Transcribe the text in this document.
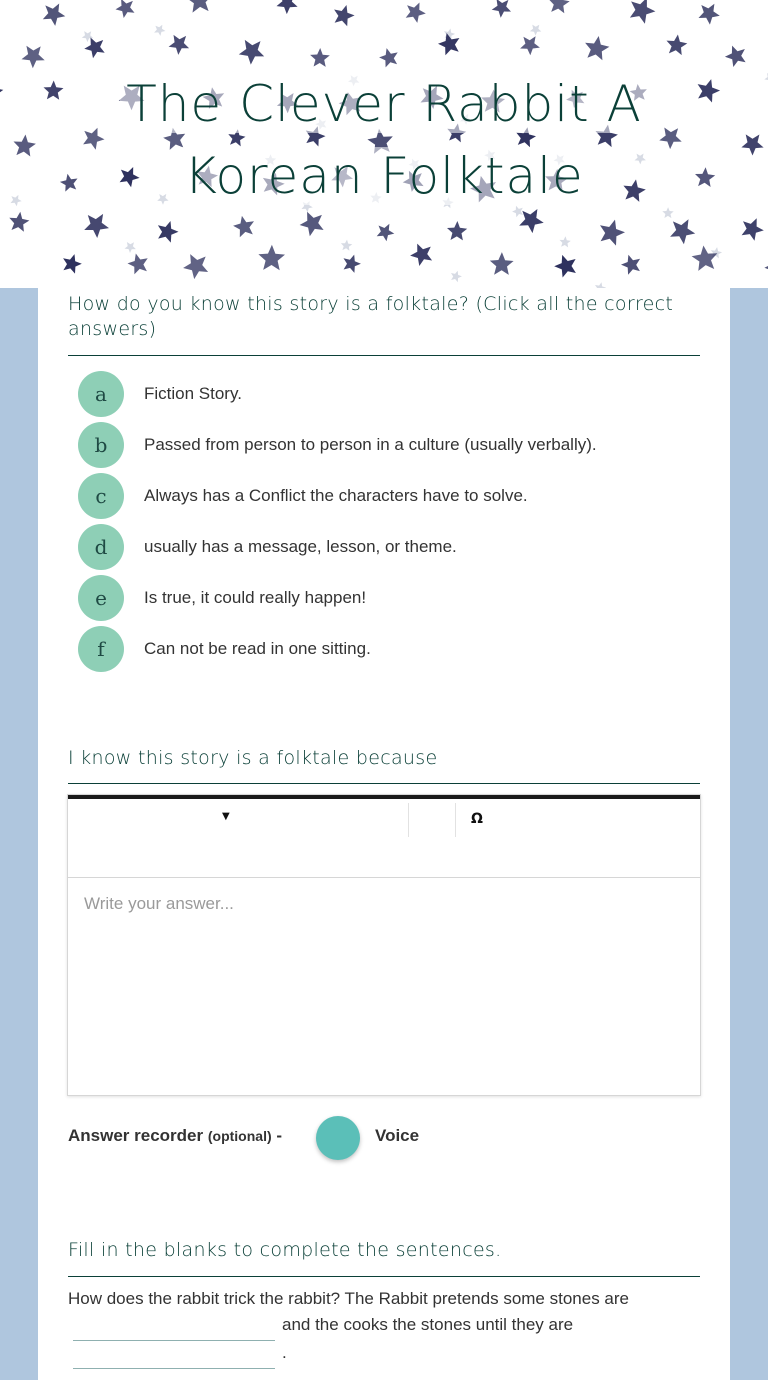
The Clever Rabbit A
Korean Folktale
How do you know this story is a folktale? (Click all the correct answers)
a	Fiction Story.
b	Passed from person to person in a culture (usually verbally).
c	Always has a Conflict the characters have to solve.
d	usually has a message, lesson, or theme.
e	Is true, it could really happen!
f	Can not be read in one sitting.
I know this story is a folktale because
▼	Ω
Write your answer...
Answer recorder (optional) -	Voice
Fill in the blanks to complete the sentences.
How does the rabbit trick the rabbit? The Rabbit pretends some stones are
and the cooks the stones until they are
.
